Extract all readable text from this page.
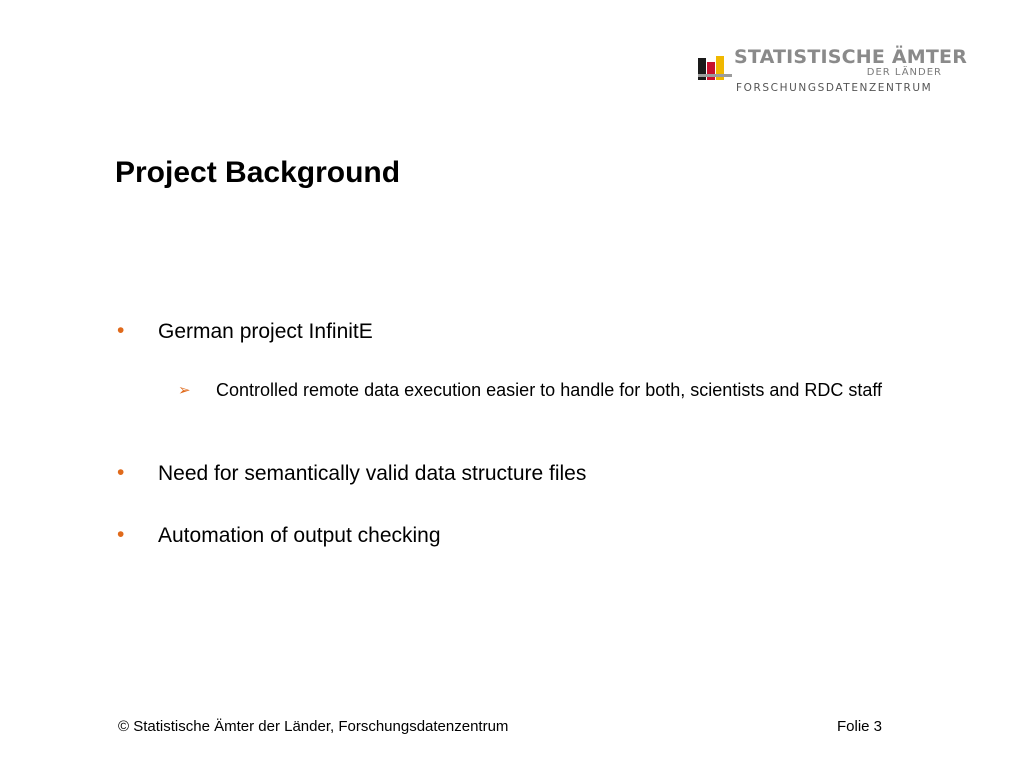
STATISTISCHE ÄMTER
DER LÄNDER
FORSCHUNGSDATENZENTRUM
Project Background
• German project InfinitE
➢ Controlled remote data execution easier to handle for both, scientists and RDC staff
• Need for semantically valid data structure files
• Automation of output checking
© Statistische Ämter der Länder, Forschungsdatenzentrum	Folie 3
